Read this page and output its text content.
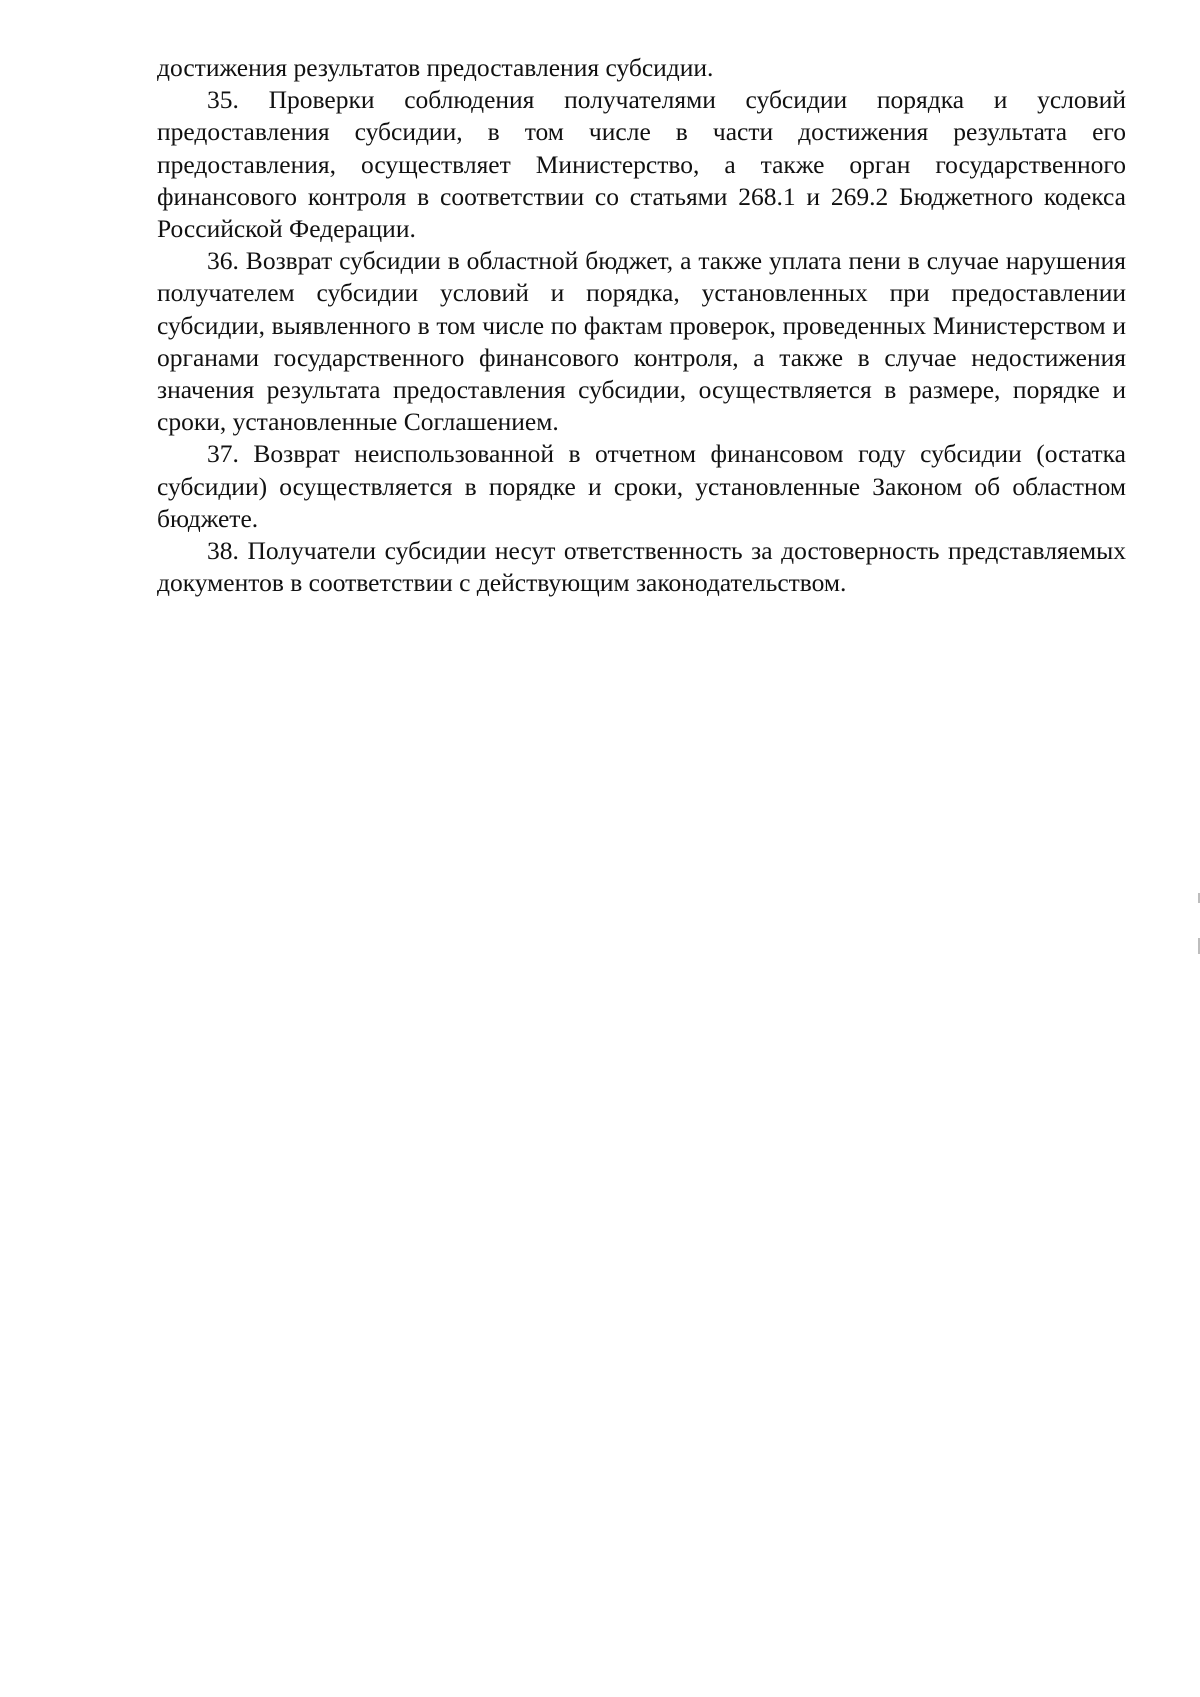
достижения результатов предоставления субсидии.

35. Проверки соблюдения получателями субсидии порядка и условий предоставления субсидии, в том числе в части достижения результата его предоставления, осуществляет Министерство, а также орган государственного финансового контроля в соответствии со статьями 268.1 и 269.2 Бюджетного кодекса Российской Федерации.

36. Возврат субсидии в областной бюджет, а также уплата пени в случае нарушения получателем субсидии условий и порядка, установленных при предоставлении субсидии, выявленного в том числе по фактам проверок, проведенных Министерством и органами государственного финансового контроля, а также в случае недостижения значения результата предоставления субсидии, осуществляется в размере, порядке и сроки, установленные Соглашением.

37. Возврат неиспользованной в отчетном финансовом году субсидии (остатка субсидии) осуществляется в порядке и сроки, установленные Законом об областном бюджете.

38. Получатели субсидии несут ответственность за достоверность представляемых документов в соответствии с действующим законодательством.
